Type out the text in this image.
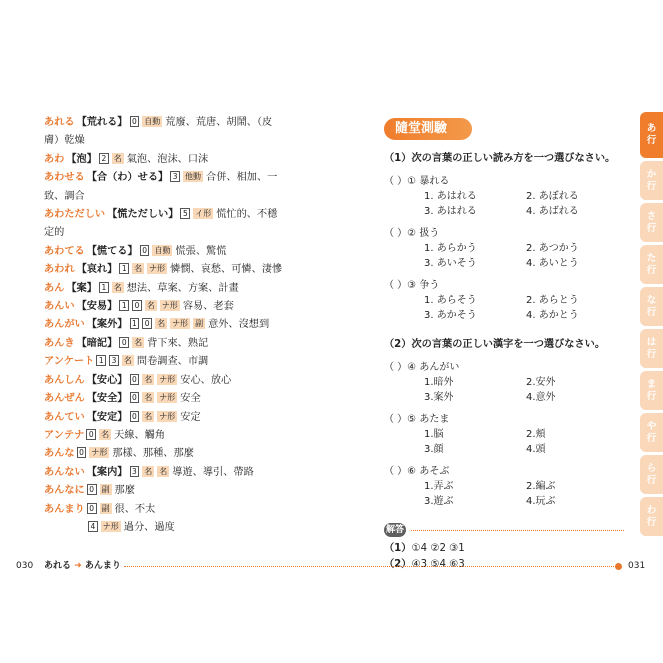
あれる 【荒れる】 0 自動 荒廢、荒唐、胡鬧、（皮
膚）乾燥
あわ 【泡】 2 名 氣泡、泡沫、口沫
あわせる 【合（わ）せる】 3 他動 合併、相加、一
致、調合
あわただしい 【慌ただしい】 5 イ形 慌忙的、不穩
定的
あわてる 【慌てる】 0 自動 慌張、驚慌
あわれ 【哀れ】 1 名 ナ形 憐憫、哀愁、可憐、淒慘
あん 【案】 1 名 想法、草案、方案、計畫
あんい 【安易】 1 0 名 ナ形 容易、老套
あんがい 【案外】 1 0 名 ナ形 副 意外、沒想到
あんき 【暗記】 0 名 背下來、熟記
アンケート 1 3 名 問卷調查、市調
あんしん 【安心】 0 名 ナ形 安心、放心
あんぜん 【安全】 0 名 ナ形 安全
あんてい 【安定】 0 名 ナ形 安定
アンテナ 0 名 天線、觸角
あんな 0 ナ形 那樣、那種、那麼
あんない 【案内】 3 名 名 導遊、導引、帶路
あんなに 0 副 那麼
あんまり 0 副 很、不太
4 ナ形 過分、過度
隨堂測驗
（1）次の言葉の正しい読み方を一つ選びなさい。
（ ）① 暴れる
1. あはれる	2. あぼれる
3. あはれる	4. あばれる
（ ）② 扱う
1. あらかう	2. あつかう
3. あいそう	4. あいとう
（ ）③ 争う
1. あらそう	2. あらとう
3. あかそう	4. あかとう
（2）次の言葉の正しい漢字を一つ選びなさい。
（ ）④ あんがい
1.暗外	2.安外
3.案外	4.意外
（ ）⑤ あたま
1.脳	2.頬
3.顔	4.頭
（ ）⑥ あそぶ
1.弄ぶ	2.編ぶ
3.遊ぶ	4.玩ぶ
解答
（1）①4 ②2 ③1
（2）④3 ⑤4 ⑥3
あ
行
か
行
さ
行
た
行
な
行
は
行
ま
行
や
行
ら
行
わ
行
030 あれる ➜ あんまり	031
